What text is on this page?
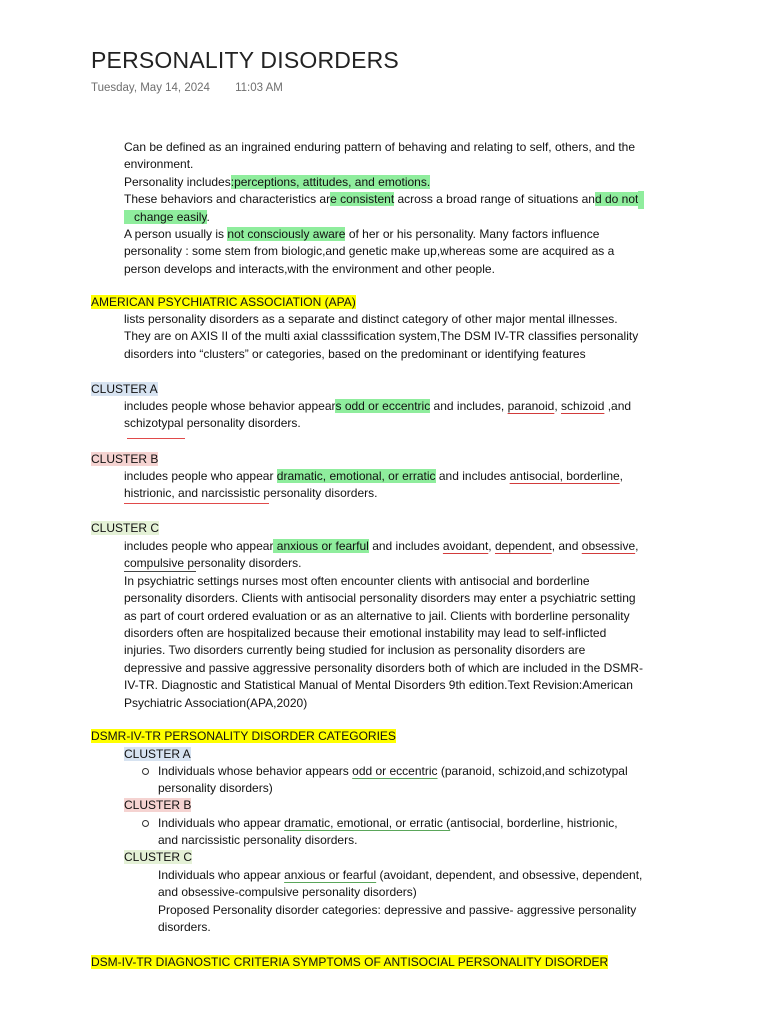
PERSONALITY DISORDERS
Tuesday, May 14, 2024 11:03 AM

Can be defined as an ingrained enduring pattern of behaving and relating to self, others, and the

environment.

Personality includes:perceptions, attitudes, and emotions.

These behaviors and characteristics are consistent across a broad range of situations and do not

change easily.

A person usually is not consciously aware of her or his personality. Many factors influence

personality : some stem from biologic,and genetic make up,whereas some are acquired as a

person develops and interacts,with the environment and other people.

AMERICAN PSYCHIATRIC ASSOCIATION (APA)

lists personality disorders as a separate and distinct category of other major mental illnesses.

They are on AXIS II of the multi axial classsification system,The DSM IV-TR classifies personality

disorders into “clusters” or categories, based on the predominant or identifying features

CLUSTER A

includes people whose behavior appears odd or eccentric and includes, paranoid, schizoid ,and

schizotypal personality disorders.

CLUSTER B

includes people who appear dramatic, emotional, or erratic and includes antisocial, borderline,

histrionic, and narcissistic personality disorders.

CLUSTER C

includes people who appear anxious or fearful and includes avoidant, dependent, and obsessive,

compulsive personality disorders.

In psychiatric settings nurses most often encounter clients with antisocial and borderline

personality disorders. Clients with antisocial personality disorders may enter a psychiatric setting

as part of court ordered evaluation or as an alternative to jail. Clients with borderline personality

disorders often are hospitalized because their emotional instability may lead to self-inflicted

injuries. Two disorders currently being studied for inclusion as personality disorders are

depressive and passive aggressive personality disorders both of which are included in the DSMR-

IV-TR. Diagnostic and Statistical Manual of Mental Disorders 9th edition.Text Revision:American

Psychiatric Association(APA,2020)

DSMR-IV-TR PERSONALITY DISORDER CATEGORIES
CLUSTER A
Individuals whose behavior appears odd or eccentric (paranoid, schizoid,and schizotypal
personality disorders)
CLUSTER B
Individuals who appear dramatic, emotional, or erratic (antisocial, borderline, histrionic,
and narcissistic personality disorders.
CLUSTER C

Individuals who appear anxious or fearful (avoidant, dependent, and obsessive, dependent,

and obsessive-compulsive personality disorders)

Proposed Personality disorder categories: depressive and passive- aggressive personality

disorders.

DSM-IV-TR DIAGNOSTIC CRITERIA SYMPTOMS OF ANTISOCIAL PERSONALITY DISORDER
